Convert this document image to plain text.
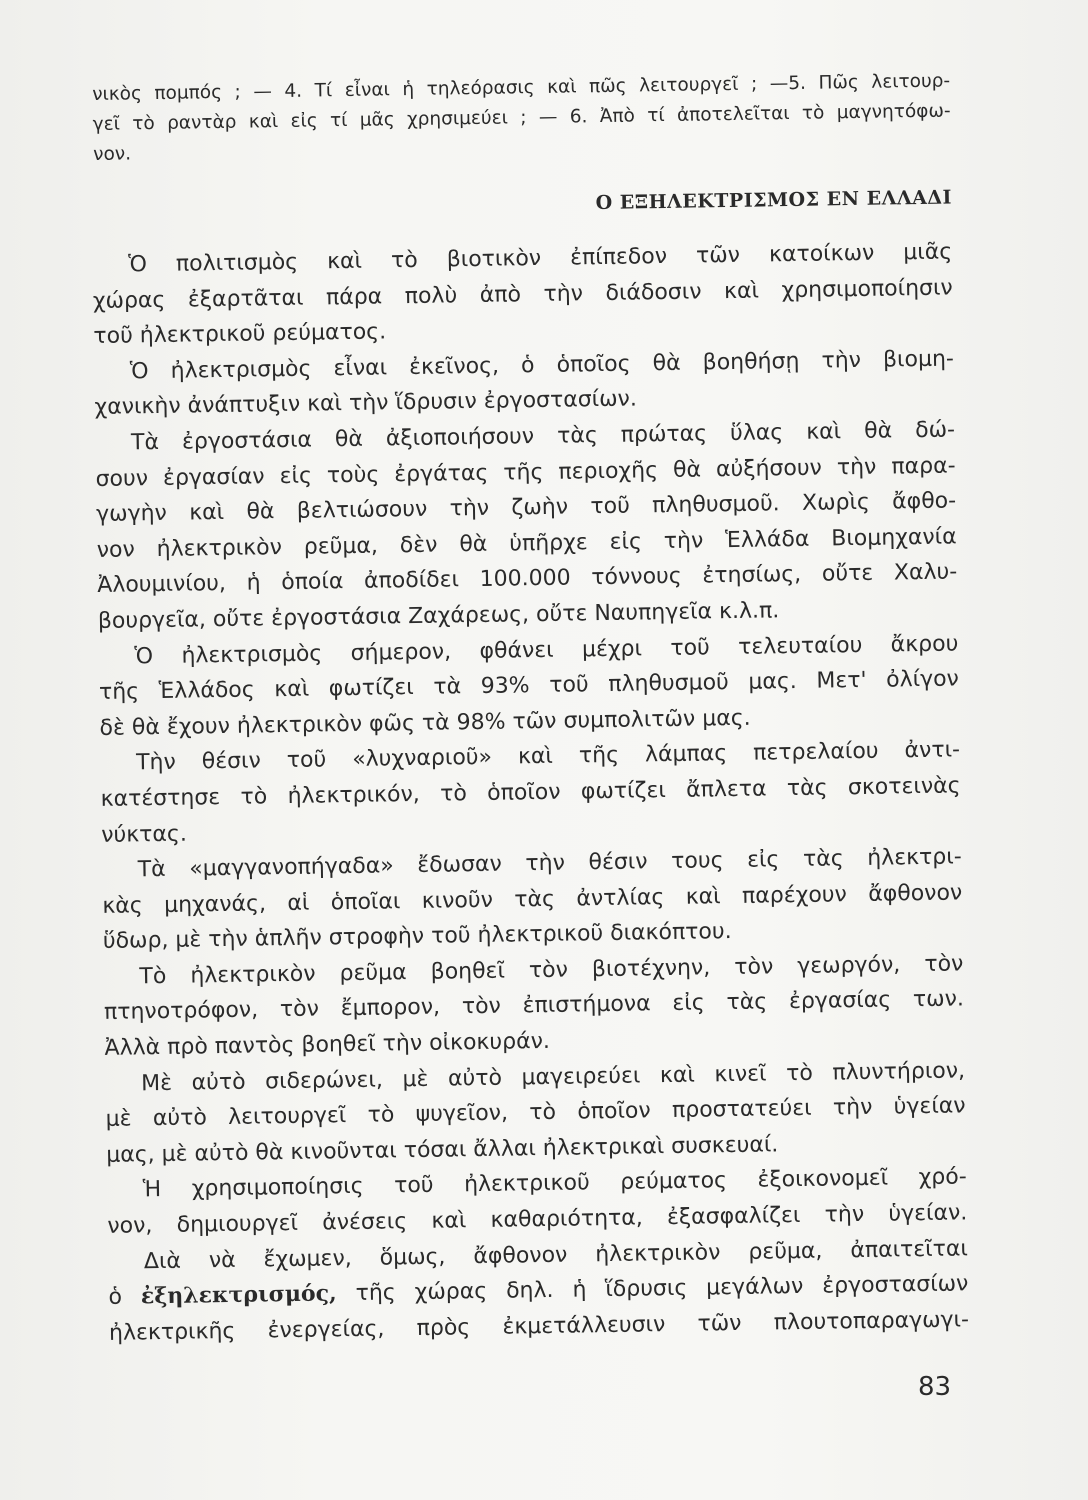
νικὸς πομπός ; — 4. Τί εἶναι ἡ τηλεόρασις καὶ πῶς λειτουργεῖ ; —5. Πῶς λειτουρ-
γεῖ τὸ ραντὰρ καὶ εἰς τί μᾶς χρησιμεύει ; — 6. Ἀπὸ τί ἀποτελεῖται τὸ μαγνητόφω-
νον.
Ο ΕΞΗΛΕΚΤΡΙΣΜΟΣ ΕΝ ΕΛΛΑΔΙ
Ὁ πολιτισμὸς καὶ τὸ βιοτικὸν ἐπίπεδον τῶν κατοίκων μιᾶς
χώρας ἐξαρτᾶται πάρα πολὺ ἀπὸ τὴν διάδοσιν καὶ χρησιμοποίησιν
τοῦ ἠλεκτρικοῦ ρεύματος.
Ὁ ἠλεκτρισμὸς εἶναι ἐκεῖνος, ὁ ὁποῖος θὰ βοηθήσῃ τὴν βιομη-
χανικὴν ἀνάπτυξιν καὶ τὴν ἵδρυσιν ἐργοστασίων.
Τὰ ἐργοστάσια θὰ ἀξιοποιήσουν τὰς πρώτας ὕλας καὶ θὰ δώ-
σουν ἐργασίαν εἰς τοὺς ἐργάτας τῆς περιοχῆς θὰ αὐξήσουν τὴν παρα-
γωγὴν καὶ θὰ βελτιώσουν τὴν ζωὴν τοῦ πληθυσμοῦ. Χωρὶς ἄφθο-
νον ἠλεκτρικὸν ρεῦμα, δὲν θὰ ὑπῆρχε εἰς τὴν Ἑλλάδα Βιομηχανία
Ἀλουμινίου, ἡ ὁποία ἀποδίδει 100.000 τόννους ἐτησίως, οὔτε Χαλυ-
βουργεῖα, οὔτε ἐργοστάσια Ζαχάρεως, οὔτε Ναυπηγεῖα κ.λ.π.
Ὁ ἠλεκτρισμὸς σήμερον, φθάνει μέχρι τοῦ τελευταίου ἄκρου
τῆς Ἑλλάδος καὶ φωτίζει τὰ 93% τοῦ πληθυσμοῦ μας. Μετ' ὀλίγον
δὲ θὰ ἔχουν ἠλεκτρικὸν φῶς τὰ 98% τῶν συμπολιτῶν μας.
Τὴν θέσιν τοῦ «λυχναριοῦ» καὶ τῆς λάμπας πετρελαίου ἀντι-
κατέστησε τὸ ἠλεκτρικόν, τὸ ὁποῖον φωτίζει ἄπλετα τὰς σκοτεινὰς
νύκτας.
Τὰ «μαγγανοπήγαδα» ἔδωσαν τὴν θέσιν τους εἰς τὰς ἠλεκτρι-
κὰς μηχανάς, αἱ ὁποῖαι κινοῦν τὰς ἀντλίας καὶ παρέχουν ἄφθονον
ὕδωρ, μὲ τὴν ἁπλῆν στροφὴν τοῦ ἠλεκτρικοῦ διακόπτου.
Τὸ ἠλεκτρικὸν ρεῦμα βοηθεῖ τὸν βιοτέχνην, τὸν γεωργόν, τὸν
πτηνοτρόφον, τὸν ἔμπορον, τὸν ἐπιστήμονα εἰς τὰς ἐργασίας των.
Ἀλλὰ πρὸ παντὸς βοηθεῖ τὴν οἰκοκυράν.
Μὲ αὐτὸ σιδερώνει, μὲ αὐτὸ μαγειρεύει καὶ κινεῖ τὸ πλυντήριον,
μὲ αὐτὸ λειτουργεῖ τὸ ψυγεῖον, τὸ ὁποῖον προστατεύει τὴν ὑγείαν
μας, μὲ αὐτὸ θὰ κινοῦνται τόσαι ἄλλαι ἠλεκτρικαὶ συσκευαί.
Ἡ χρησιμοποίησις τοῦ ἠλεκτρικοῦ ρεύματος ἐξοικονομεῖ χρό-
νον, δημιουργεῖ ἀνέσεις καὶ καθαριότητα, ἐξασφαλίζει τὴν ὑγείαν.
Διὰ νὰ ἔχωμεν, ὅμως, ἄφθονον ἠλεκτρικὸν ρεῦμα, ἀπαιτεῖται
ὁ ἐξηλεκτρισμός, τῆς χώρας δηλ. ἡ ἵδρυσις μεγάλων ἐργοστασίων
ἠλεκτρικῆς ἐνεργείας, πρὸς ἐκμετάλλευσιν τῶν πλουτοπαραγωγι-
83
